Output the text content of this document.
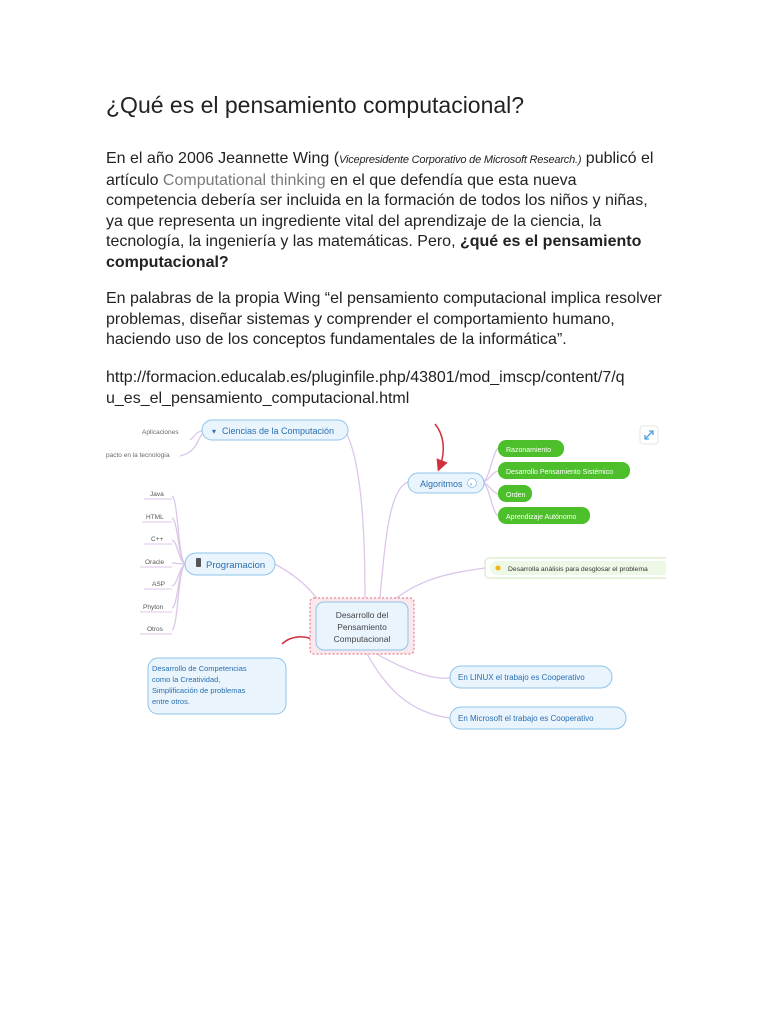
¿Qué es el pensamiento computacional?

En el año 2006 Jeannette Wing (Vicepresidente Corporativo de Microsoft Research.) publicó el artículo Computational thinking en el que defendía que esta nueva competencia debería ser incluida en la formación de todos los niños y niñas, ya que representa un ingrediente vital del aprendizaje de la ciencia, la tecnología, la ingeniería y las matemáticas. Pero, ¿qué es el pensamiento computacional?

En palabras de la propia Wing “el pensamiento computacional implica resolver problemas, diseñar sistemas y comprender el comportamiento humano, haciendo uso de los conceptos fundamentales de la informática”.

http://formacion.educalab.es/pluginfile.php/43801/mod_imscp/content/7/q
u_es_el_pensamiento_computacional.html

▾ Ciencias de la Computación
Aplicaciones
pacto en la tecnología
Programacion
Java
HTML
C++
Oracle
ASP
Phyton
Otros
Desarrollo del
Pensamiento
Computacional
Algoritmos ›
Razonamiento
Desarrollo Pensamiento Sistémico
Orden
Aprendizaje Autónomo
Desarrolla análisis para desglosar el problema
En LINUX el trabajo es Cooperativo
En Microsoft el trabajo es Cooperativo
Desarrollo de Competencias
como la Creatividad,
Simplificación de problemas
entre otros.
